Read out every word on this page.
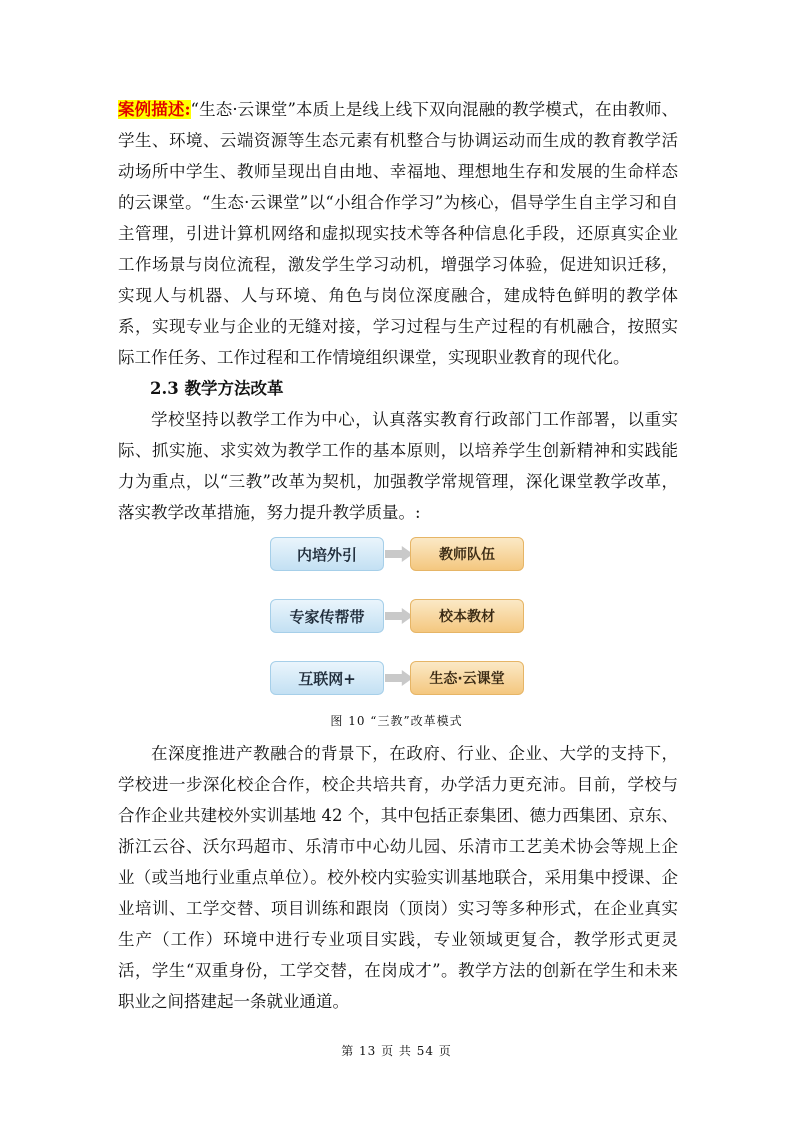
案例描述:“生态·云课堂”本质上是线上线下双向混融的教学模式，在由教师、学生、环境、云端资源等生态元素有机整合与协调运动而生成的教育教学活动场所中学生、教师呈现出自由地、幸福地、理想地生存和发展的生命样态的云课堂。“生态·云课堂”以“小组合作学习”为核心，倡导学生自主学习和自主管理，引进计算机网络和虚拟现实技术等各种信息化手段，还原真实企业工作场景与岗位流程，激发学生学习动机，增强学习体验，促进知识迁移，实现人与机器、人与环境、角色与岗位深度融合，建成特色鲜明的教学体系，实现专业与企业的无缝对接，学习过程与生产过程的有机融合，按照实际工作任务、工作过程和工作情境组织课堂，实现职业教育的现代化。

2.3 教学方法改革

学校坚持以教学工作为中心，认真落实教育行政部门工作部署，以重实际、抓实施、求实效为教学工作的基本原则，以培养学生创新精神和实践能力为重点，以“三教”改革为契机，加强教学常规管理，深化课堂教学改革，落实教学改革措施，努力提升教学质量。:

内培外引	教师队伍
专家传帮带	校本教材
互联网+	生态·云课堂

图 10 “三教”改革模式

在深度推进产教融合的背景下，在政府、行业、企业、大学的支持下，学校进一步深化校企合作，校企共培共育，办学活力更充沛。目前，学校与合作企业共建校外实训基地 42 个，其中包括正泰集团、德力西集团、京东、浙江云谷、沃尔玛超市、乐清市中心幼儿园、乐清市工艺美术协会等规上企业（或当地行业重点单位）。校外校内实验实训基地联合，采用集中授课、企业培训、工学交替、项目训练和跟岗（顶岗）实习等多种形式，在企业真实生产（工作）环境中进行专业项目实践，专业领域更复合，教学形式更灵活，学生“双重身份，工学交替，在岗成才”。教学方法的创新在学生和未来职业之间搭建起一条就业通道。

第 13 页 共 54 页
